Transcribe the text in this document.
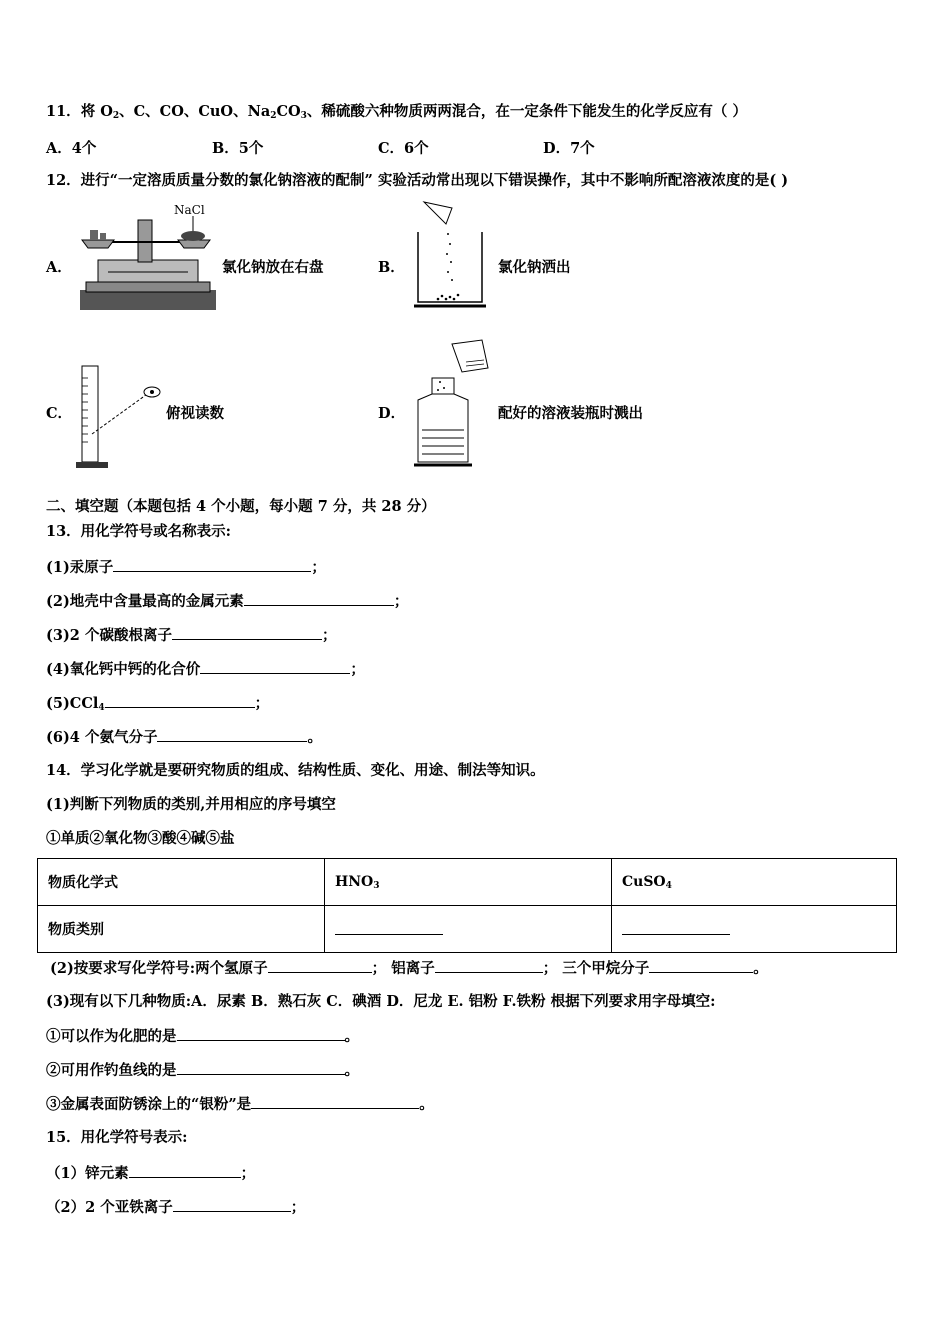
11．将 $O_2$、C、CO、CuO、$Na_2CO_3$、稀硫酸六种物质两两混合，在一定条件下能发生的化学反应有（ ）
A．4个	B．5个	C．6个	D．7个
12．进行“一定溶质质量分数的氯化钠溶液的配制” 实验活动常出现以下错误操作，其中不影响所配溶液浓度的是( )
A．
NaCl
氯化钠放在右盘	B．	氯化钠洒出
C．	俯视读数	D．	配好的溶液装瓶时溅出
二、填空题（本题包括 4 个小题，每小题 7 分，共 28 分）
13．用化学符号或名称表示:
(1)汞原子	；
(2)地壳中含量最高的金属元素	；
(3)2 个碳酸根离子	；
(4)氧化钙中钙的化合价	；
(5)CCl$_4$	；
(6)4 个氨气分子	。
14．学习化学就是要研究物质的组成、结构性质、变化、用途、制法等知识。
(1)判断下列物质的类别,并用相应的序号填空
①单质②氧化物③酸④碱⑤盐
物质化学式	$HNO_3$	CuSO$_4$
物质类别		
(2)按要求写化学符号:两个氢原子	； 铝离子	； 三个甲烷分子	。
(3)现有以下几种物质:A．尿素 B．熟石灰 C．碘酒 D．尼龙 E. 铝粉 F.铁粉 根据下列要求用字母填空:
①可以作为化肥的是	。
②可用作钓鱼线的是	。
③金属表面防锈涂上的“银粉”是	。
15．用化学符号表示:
（1）锌元素	；
（2）2 个亚铁离子	；
